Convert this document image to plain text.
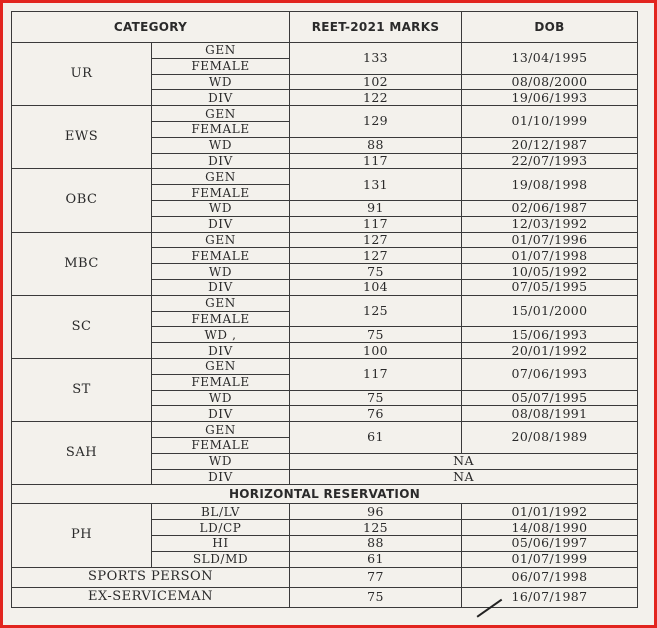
CATEGORY		REET-2021 MARKS	DOB
UR	GEN	133	13/04/1995
	FEMALE		
	WD	102	08/08/2000
	DIV	122	19/06/1993
EWS	GEN	129	01/10/1999
	FEMALE		
	WD	88	20/12/1987
	DIV	117	22/07/1993
OBC	GEN	131	19/08/1998
	FEMALE		
	WD	91	02/06/1987
	DIV	117	12/03/1992
MBC	GEN	127	01/07/1996
	FEMALE	127	01/07/1998
	WD	75	10/05/1992
	DIV	104	07/05/1995
SC	GEN	125	15/01/2000
	FEMALE		
	WD ,	75	15/06/1993
	DIV	100	20/01/1992
ST	GEN	117	07/06/1993
	FEMALE		
	WD	75	05/07/1995
	DIV	76	08/08/1991
SAH	GEN	61	20/08/1989
	FEMALE		
	WD	NA	
	DIV	NA	
HORIZONTAL RESERVATION			
PH	BL/LV	96	01/01/1992
	LD/CP	125	14/08/1990
	HI	88	05/06/1997
	SLD/MD	61	01/07/1999
SPORTS PERSON		77	06/07/1998
EX-SERVICEMAN		75	16/07/1987
